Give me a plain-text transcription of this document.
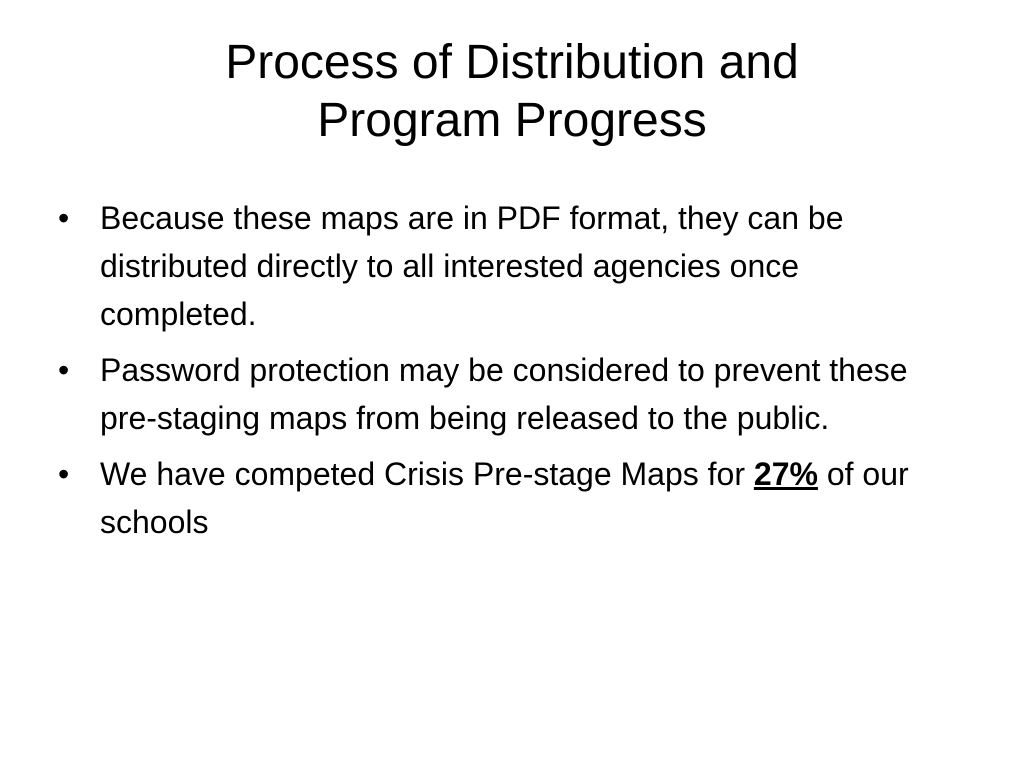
Process of Distribution and
Program Progress
• Because these maps are in PDF format, they can be distributed directly to all interested agencies once completed.
• Password protection may be considered to prevent these pre-staging maps from being released to the public.
• We have competed Crisis Pre-stage Maps for 27% of our schools
